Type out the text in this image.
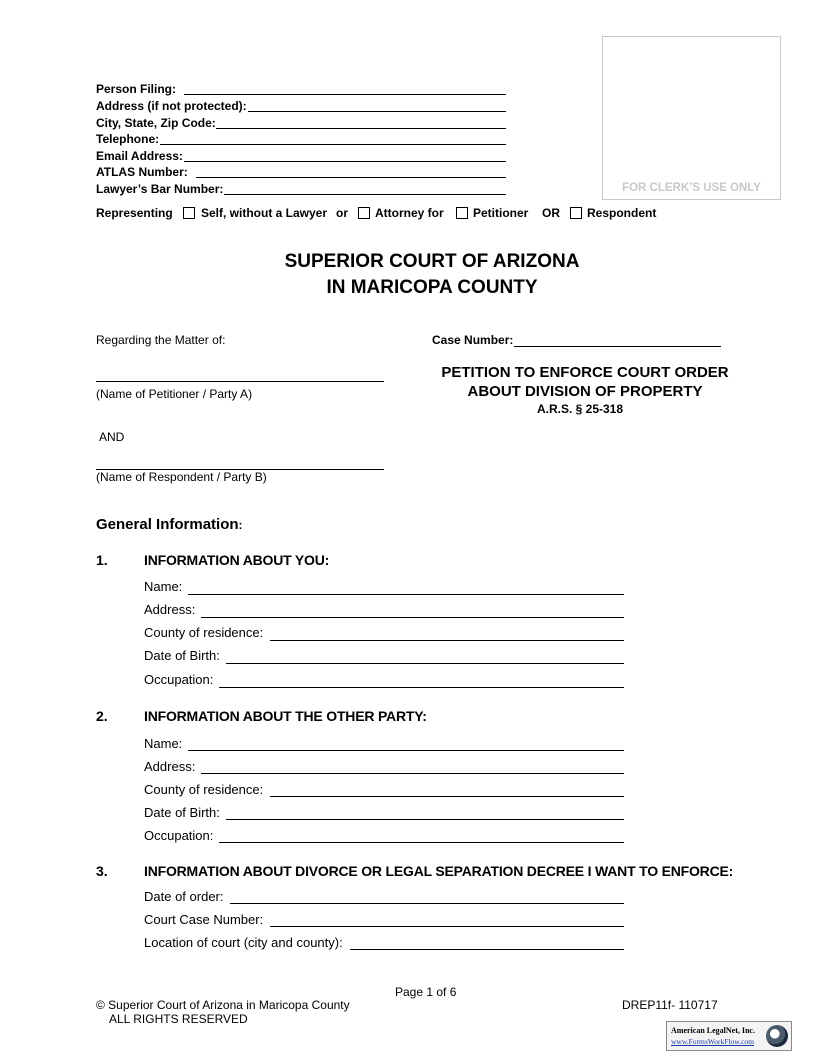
Person Filing:
Address (if not protected):
City, State, Zip Code:
Telephone:
Email Address:
ATLAS Number:
Lawyer’s Bar Number:	FOR CLERK’S USE ONLY
Representing Self, without a Lawyer or Attorney for Petitioner OR Respondent
SUPERIOR COURT OF ARIZONA
IN MARICOPA COUNTY
Regarding the Matter of:	Case Number:
(Name of Petitioner / Party A)
AND
(Name of Respondent / Party B)
PETITION TO ENFORCE COURT ORDER
ABOUT DIVISION OF PROPERTY
A.R.S. § 25-318
General Information:
1.	INFORMATION ABOUT YOU:
Name:
Address:
County of residence:
Date of Birth:
Occupation:
2.	INFORMATION ABOUT THE OTHER PARTY:
Name:
Address:
County of residence:
Date of Birth:
Occupation:
3.	INFORMATION ABOUT DIVORCE OR LEGAL SEPARATION DECREE I WANT TO ENFORCE:
Date of order:
Court Case Number:
Location of court (city and county):
Page 1 of 6
© Superior Court of Arizona in Maricopa County
ALL RIGHTS RESERVED
DREP11f- 110717
American LegalNet, Inc.
www.FormsWorkFlow.com
